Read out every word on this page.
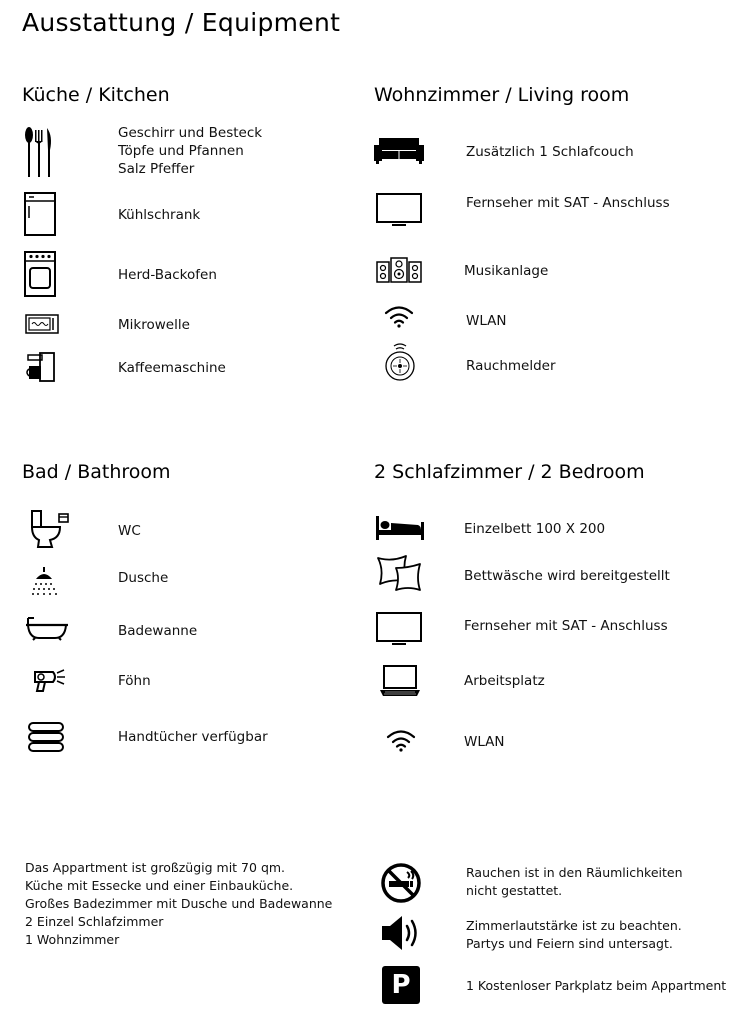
Ausstattung / Equipment
Küche / Kitchen
Geschirr und Besteck
Töpfe und Pfannen
Salz Pfeffer
Kühlschrank
Herd-Backofen
Mikrowelle
Kaffeemaschine
Wohnzimmer / Living room
Zusätzlich 1 Schlafcouch
Fernseher mit SAT - Anschluss
Musikanlage
WLAN
Rauchmelder
Bad / Bathroom
WC
Dusche
Badewanne
Föhn
Handtücher verfügbar
2 Schlafzimmer / 2 Bedroom
Einzelbett 100 X 200
Bettwäsche wird bereitgestellt
Fernseher mit SAT - Anschluss
Arbeitsplatz
WLAN
Das Appartment ist großzügig mit 70 qm.
Küche mit Essecke und einer Einbauküche.
Großes Badezimmer mit Dusche und Badewanne
2 Einzel Schlafzimmer
1 Wohnzimmer
Rauchen ist in den Räumlichkeiten
nicht gestattet.
Zimmerlautstärke ist zu beachten.
Partys und Feiern sind untersagt.
P	1 Kostenloser Parkplatz beim Appartment
